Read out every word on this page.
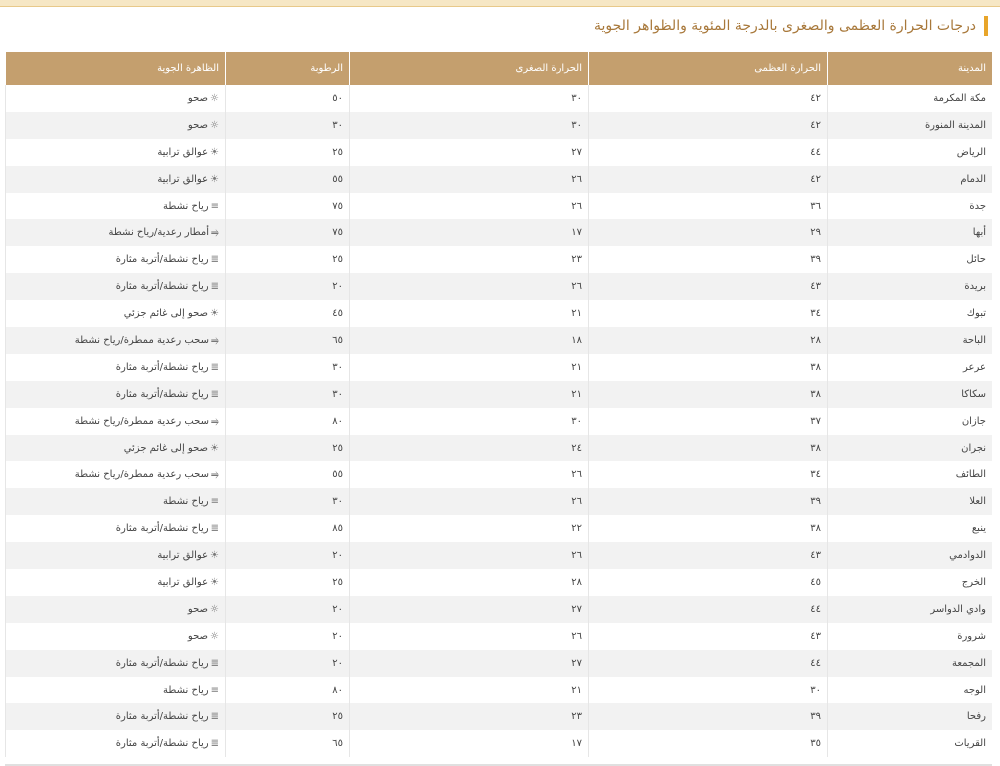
درجات الحرارة العظمى والصغرى بالدرجة المئوية والظواهر الجوية
المدينة	الحرارة العظمى	الحرارة الصغرى	الرطوبة	الظاهرة الجوية
مكة المكرمة	٤٢	٣٠	٥٠	☼صحو
المدينة المنورة	٤٢	٣٠	٣٠	☼صحو
الرياض	٤٤	٢٧	٢٥	☀عوالق ترابية
الدمام	٤٢	٢٦	٥٥	☀عوالق ترابية
جدة	٣٦	٢٦	٧٥	≡رياح نشطة
أبها	٢٩	١٧	٧٥	⥤أمطار رعدية/رياح نشطة
حائل	٣٩	٢٣	٢٥	≣رياح نشطة/أتربة مثارة
بريدة	٤٣	٢٦	٢٠	≣رياح نشطة/أتربة مثارة
تبوك	٣٤	٢١	٤٥	☀صحو إلى غائم جزئي
الباحة	٢٨	١٨	٦٥	⥤سحب رعدية ممطرة/رياح نشطة
عرعر	٣٨	٢١	٣٠	≣رياح نشطة/أتربة مثارة
سكاكا	٣٨	٢١	٣٠	≣رياح نشطة/أتربة مثارة
جازان	٣٧	٣٠	٨٠	⥤سحب رعدية ممطرة/رياح نشطة
نجران	٣٨	٢٤	٢٥	☀صحو إلى غائم جزئي
الطائف	٣٤	٢٦	٥٥	⥤سحب رعدية ممطرة/رياح نشطة
العلا	٣٩	٢٦	٣٠	≡رياح نشطة
ينبع	٣٨	٢٢	٨٥	≣رياح نشطة/أتربة مثارة
الدوادمي	٤٣	٢٦	٢٠	☀عوالق ترابية
الخرج	٤٥	٢٨	٢٥	☀عوالق ترابية
وادي الدواسر	٤٤	٢٧	٢٠	☼صحو
شرورة	٤٣	٢٦	٢٠	☼صحو
المجمعة	٤٤	٢٧	٢٠	≣رياح نشطة/أتربة مثارة
الوجه	٣٠	٢١	٨٠	≡رياح نشطة
رفحا	٣٩	٢٣	٢٥	≣رياح نشطة/أتربة مثارة
القريات	٣٥	١٧	٦٥	≣رياح نشطة/أتربة مثارة
